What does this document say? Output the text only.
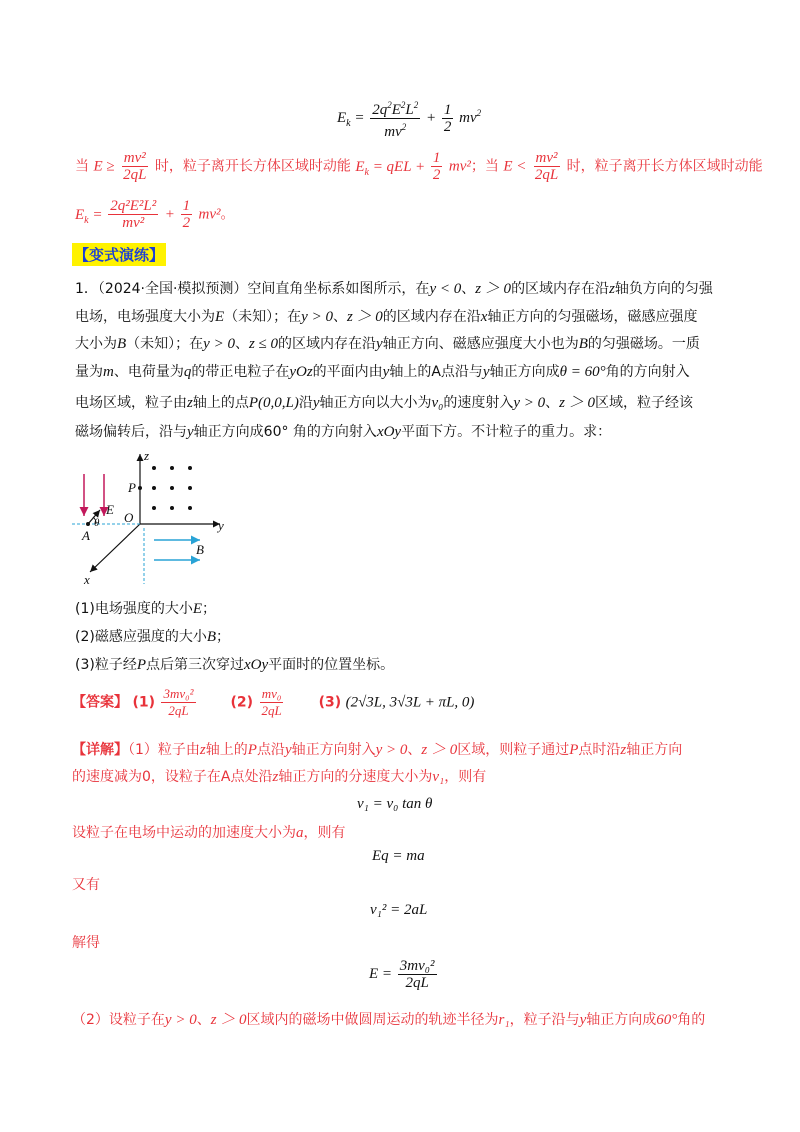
$E_k = \frac{2q^2E^2L^2}{mv^2} + \frac{1}{2} mv^2$
当 $E \ge \frac{\text{mv²}}{2qL}$ 时，粒子离开长方体区域时动能 $E_k$ = qEL + $\frac{1}{2} mv^2$；当 $E < \frac{\text{mv²}}{2qL}$ 时，粒子离开长方体区域时动能
$E_k = \frac{\text{2q²E²L²}}{\text{mv²}} + \frac{1}{2} mv^2$。
【变式演练】
1．（2024·全国·模拟预测）空间直角坐标系如图所示，在y < 0、z ＞ 0的区域内存在沿z轴负方向的匀强
电场，电场强度大小为E（未知）；在y > 0、z ＞ 0的区域内存在沿x轴正方向的匀强磁场，磁感应强度
大小为B（未知）；在y > 0、z ≤ 0的区域内存在沿y轴正方向、磁感应强度大小也为B的匀强磁场。一质
量为m、电荷量为q的带正电粒子在yOz的平面内由y轴上的A点沿与y轴正方向成θ = 60°角的方向射入
电场区域，粒子由z轴上的点P(0,0,L)沿y轴正方向以大小为v₀的速度射入y > 0、z ＞ 0区域，粒子经该
磁场偏转后，沿与y轴正方向成60° 角的方向射入xOy平面下方。不计粒子的重力。求：
z
y
x
O
P
E
B
A
θ
(1)电场强度的大小E；
(2)磁感应强度的大小B；
(3)粒子经P点后第三次穿过xOy平面时的位置坐标。
【答案】 $(1) \frac{\text{3mv₀²}}{2qL} (2) \frac{\text{mv₀}}{2qL} (3)$ (2√3L, 3√3L + πL, 0)
【详解】（1）粒子由z轴上的P点沿y轴正方向射入y > 0、z ＞ 0区域，则粒子通过P点时沿z轴正方向
的速度减为0，设粒子在A点处沿z轴正方向的分速度大小为v₁，则有
v₁ = v₀ tan θ
设粒子在电场中运动的加速度大小为a，则有
Eq = ma
又有
v₁² = 2aL
解得
$E = \frac{\text{3mv₀²}}{2qL}$
（2）设粒子在y > 0、z ＞ 0区域内的磁场中做圆周运动的轨迹半径为r₁，粒子沿与y轴正方向成60°角的
